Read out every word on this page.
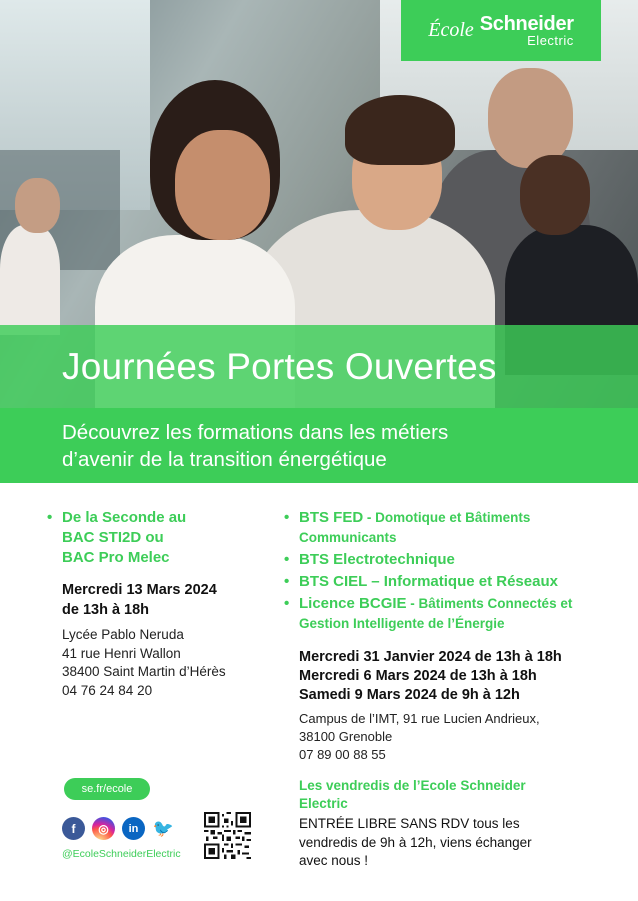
École Schneider
Electric
Journées Portes Ouvertes

Découvrez les formations dans les métiers

d’avenir de la transition énergétique

• De la Seconde au
BAC STI2D ou
BAC Pro Melec
Mercredi 13 Mars 2024
de 13h à 18h
Lycée Pablo Neruda
41 rue Henri Wallon
38400 Saint Martin d’Hérès
04 76 24 84 20
• BTS FED - Domotique et Bâtiments Communicants
• BTS Electrotechnique
• BTS CIEL – Informatique et Réseaux
• Licence BCGIE - Bâtiments Connectés et Gestion Intelligente de l’Énergie
Mercredi 31 Janvier 2024 de 13h à 18h
Mercredi 6 Mars 2024 de 13h à 18h
Samedi 9 Mars 2024 de 9h à 12h
Campus de l’IMT, 91 rue Lucien Andrieux,
38100 Grenoble
07 89 00 88 55
Les vendredis de l’Ecole Schneider
Electric
ENTRÉE LIBRE SANS RDV tous les
vendredis de 9h à 12h, viens échanger
avec nous !
se.fr/ecole
f	◎	in 🐦
@EcoleSchneiderElectric
